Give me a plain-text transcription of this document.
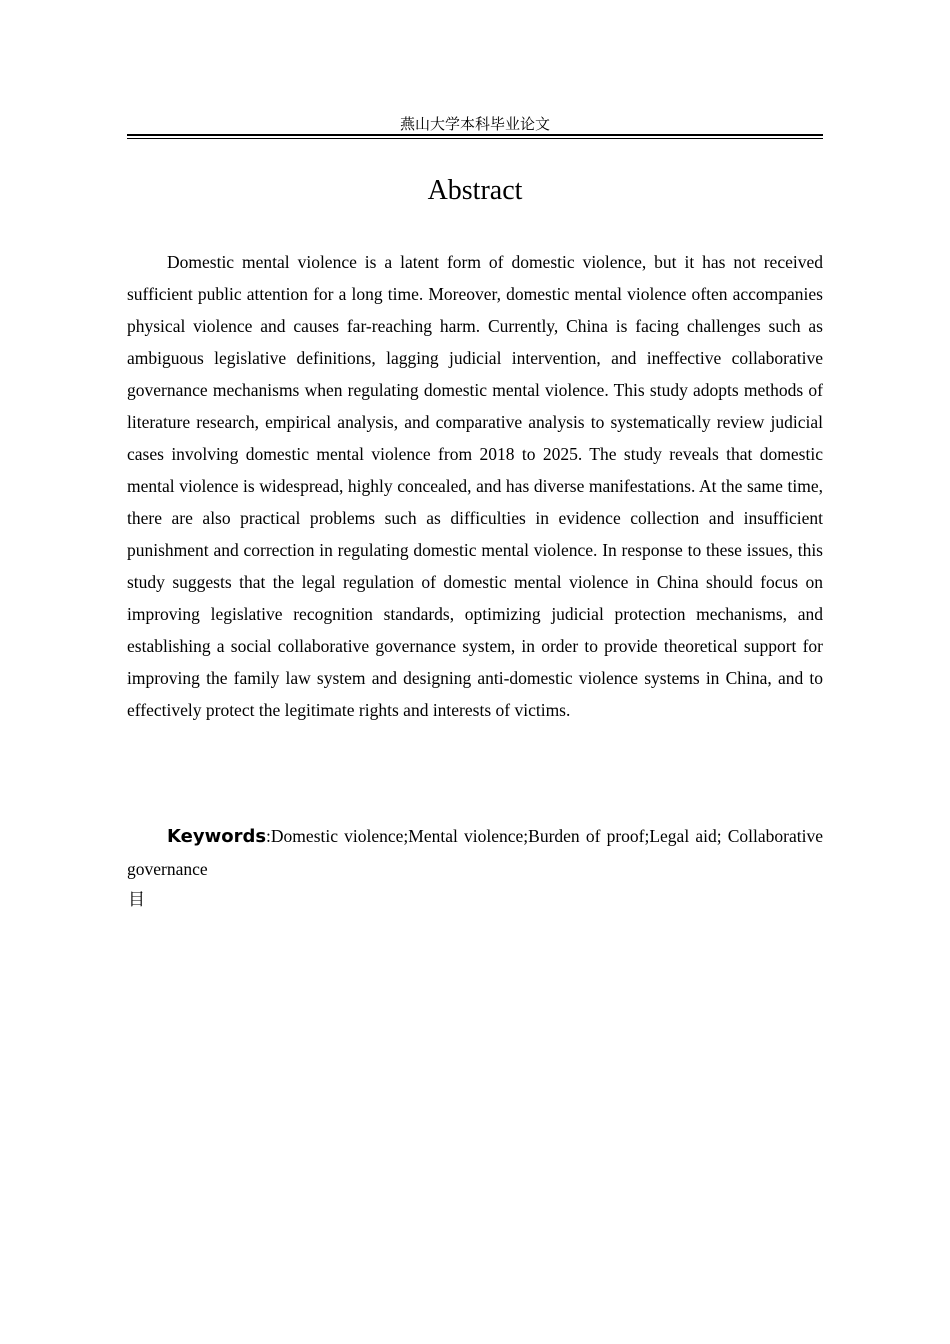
燕山大学本科毕业论文
Abstract

Domestic mental violence is a latent form of domestic violence, but it has not received sufficient public attention for a long time. Moreover, domestic mental violence often accompanies physical violence and causes far-reaching harm. Currently, China is facing challenges such as ambiguous legislative definitions, lagging judicial intervention, and ineffective collaborative governance mechanisms when regulating domestic mental violence. This study adopts methods of literature research, empirical analysis, and comparative analysis to systematically review judicial cases involving domestic mental violence from 2018 to 2025. The study reveals that domestic mental violence is widespread, highly concealed, and has diverse manifestations. At the same time, there are also practical problems such as difficulties in evidence collection and insufficient punishment and correction in regulating domestic mental violence. In response to these issues, this study suggests that the legal regulation of domestic mental violence in China should focus on improving legislative recognition standards, optimizing judicial protection mechanisms, and establishing a social collaborative governance system, in order to provide theoretical support for improving the family law system and designing anti-domestic violence systems in China, and to effectively protect the legitimate rights and interests of victims.

Keywords:Domestic violence;Mental violence;Burden of proof;Legal aid; Collaborative governance

目
